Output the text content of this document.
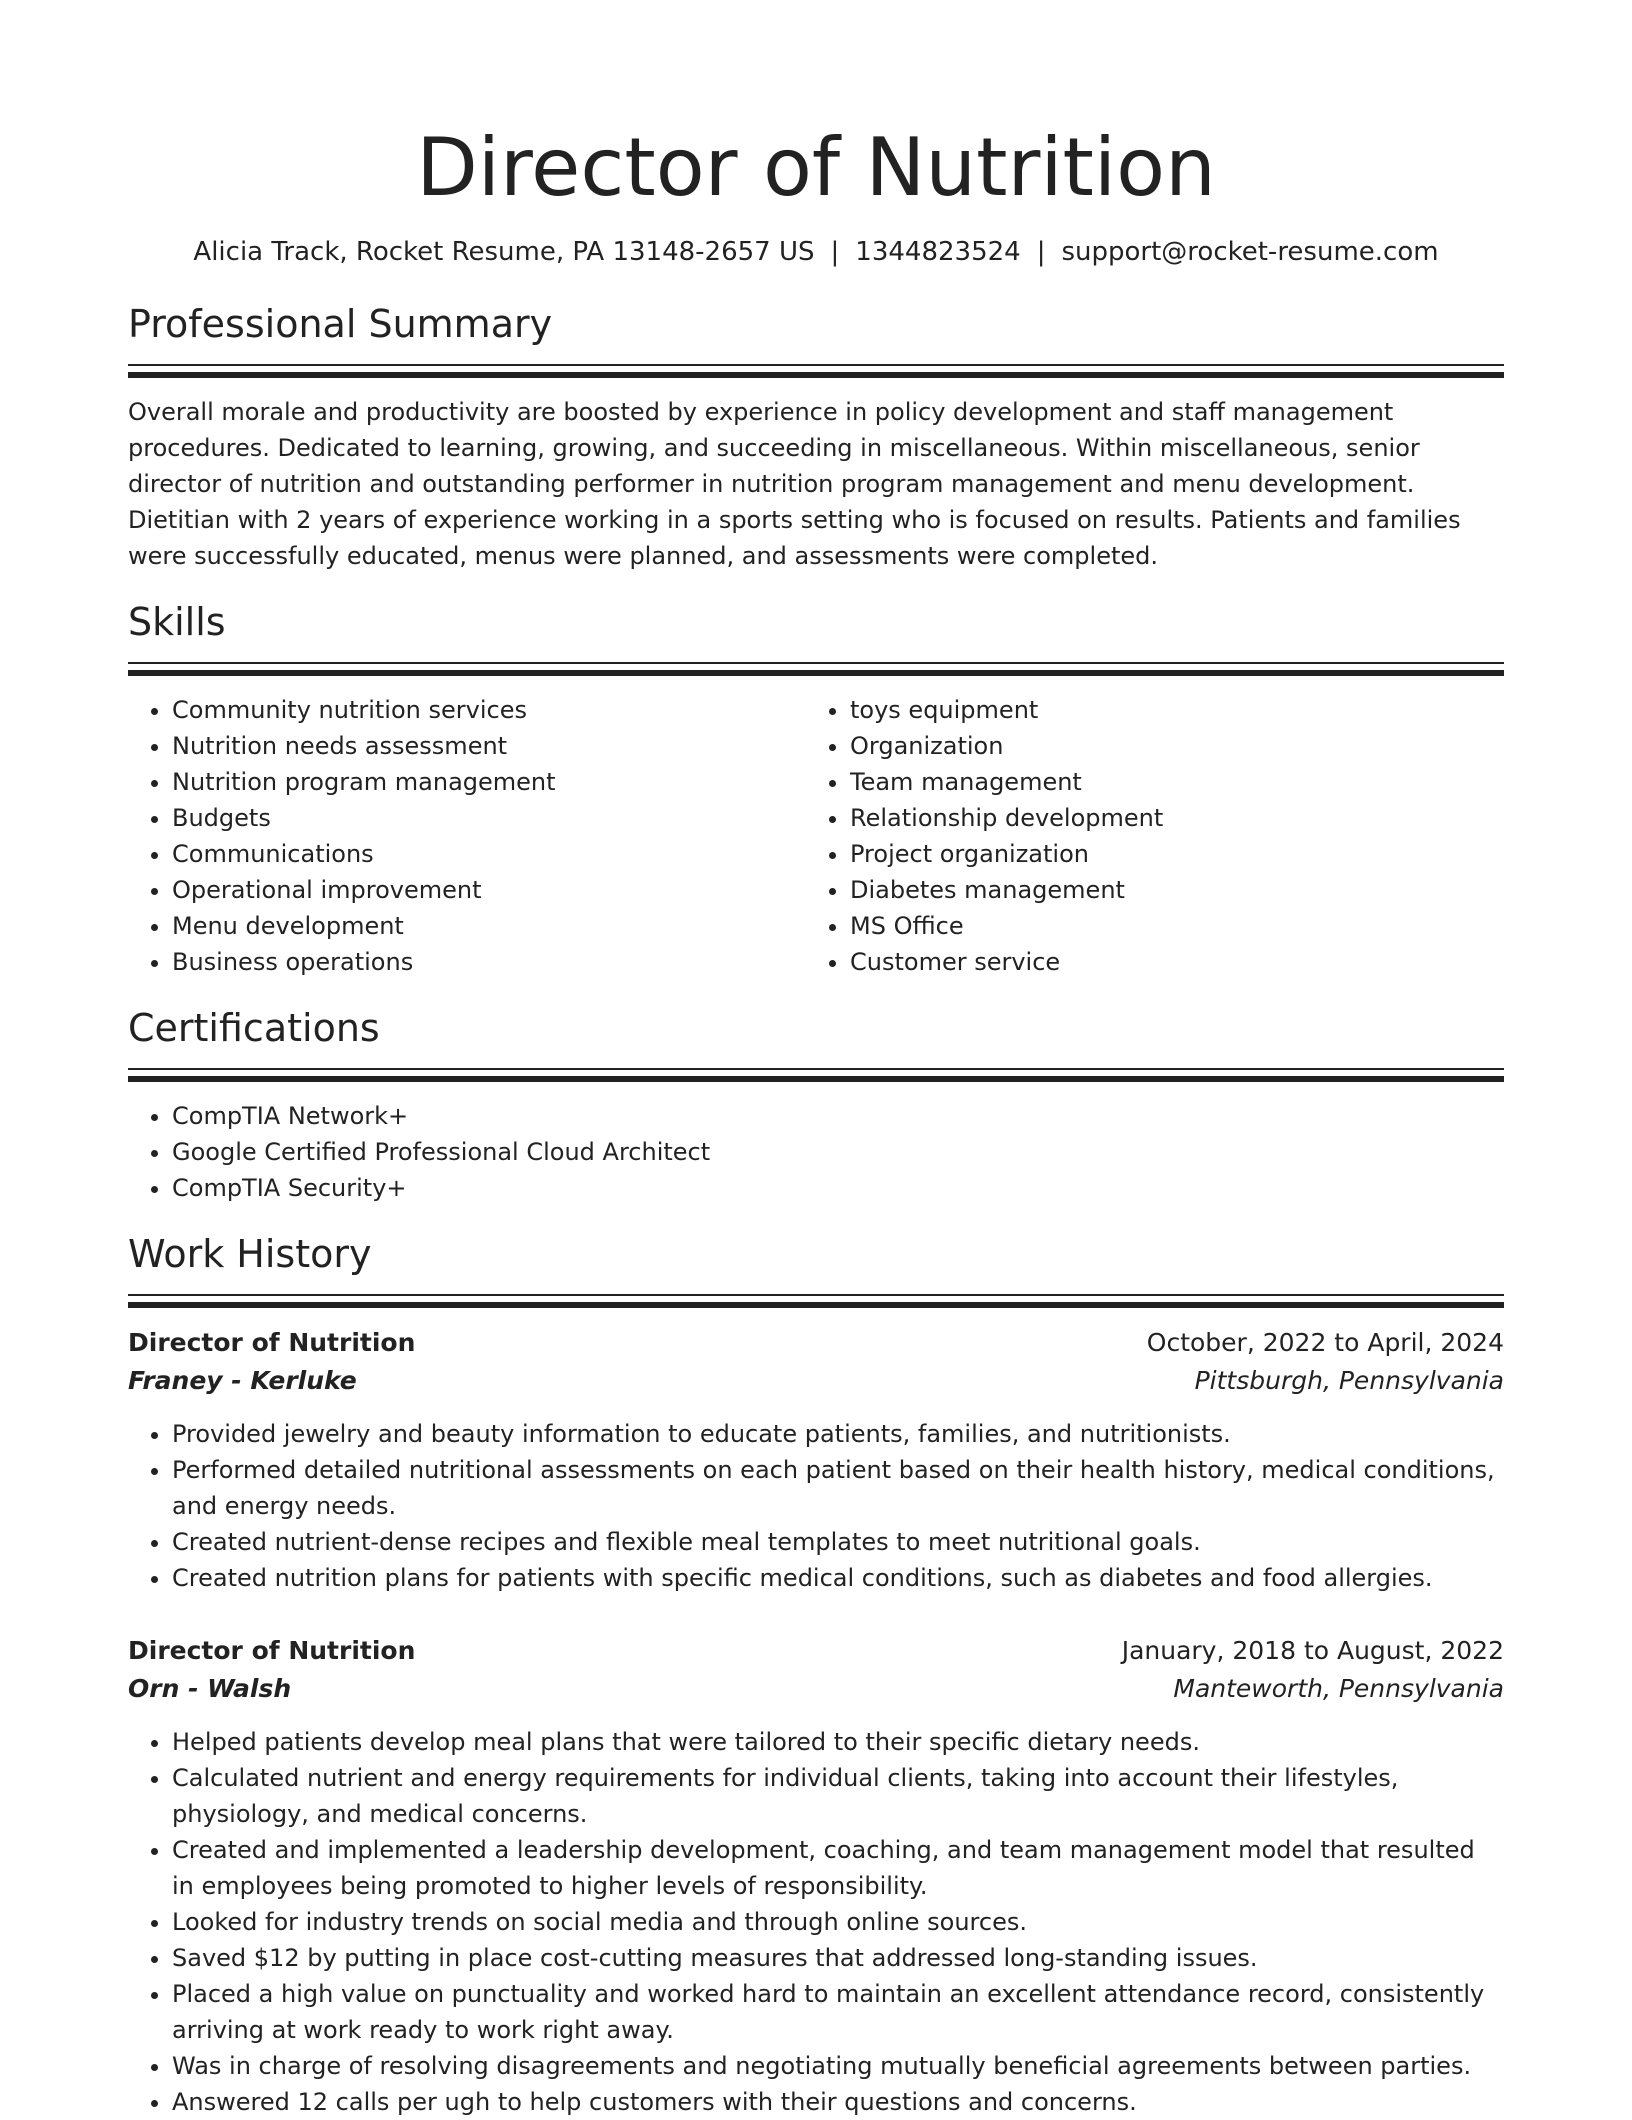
Director of Nutrition
Alicia Track, Rocket Resume, PA 13148-2657 US | 1344823524 | support@rocket-resume.com
Professional Summary

Overall morale and productivity are boosted by experience in policy development and staff management procedures. Dedicated to learning, growing, and succeeding in miscellaneous. Within miscellaneous, senior director of nutrition and outstanding performer in nutrition program management and menu development. Dietitian with 2 years of experience working in a sports setting who is focused on results. Patients and families were successfully educated, menus were planned, and assessments were completed.

Skills
• Community nutrition services
• Nutrition needs assessment
• Nutrition program management
• Budgets
• Communications
• Operational improvement
• Menu development
• Business operations
• toys equipment
• Organization
• Team management
• Relationship development
• Project organization
• Diabetes management
• MS Office
• Customer service
Certifications
• CompTIA Network+
• Google Certified Professional Cloud Architect
• CompTIA Security+
Work History
Director of Nutrition	October, 2022 to April, 2024
Franey - Kerluke	Pittsburgh, Pennsylvania
• Provided jewelry and beauty information to educate patients, families, and nutritionists.
• Performed detailed nutritional assessments on each patient based on their health history, medical conditions, and energy needs.
• Created nutrient-dense recipes and flexible meal templates to meet nutritional goals.
• Created nutrition plans for patients with specific medical conditions, such as diabetes and food allergies.
Director of Nutrition	January, 2018 to August, 2022
Orn - Walsh	Manteworth, Pennsylvania
• Helped patients develop meal plans that were tailored to their specific dietary needs.
• Calculated nutrient and energy requirements for individual clients, taking into account their lifestyles, physiology, and medical concerns.
• Created and implemented a leadership development, coaching, and team management model that resulted in employees being promoted to higher levels of responsibility.
• Looked for industry trends on social media and through online sources.
• Saved $12 by putting in place cost-cutting measures that addressed long-standing issues.
• Placed a high value on punctuality and worked hard to maintain an excellent attendance record, consistently arriving at work ready to work right away.
• Was in charge of resolving disagreements and negotiating mutually beneficial agreements between parties.
• Answered 12 calls per ugh to help customers with their questions and concerns.
